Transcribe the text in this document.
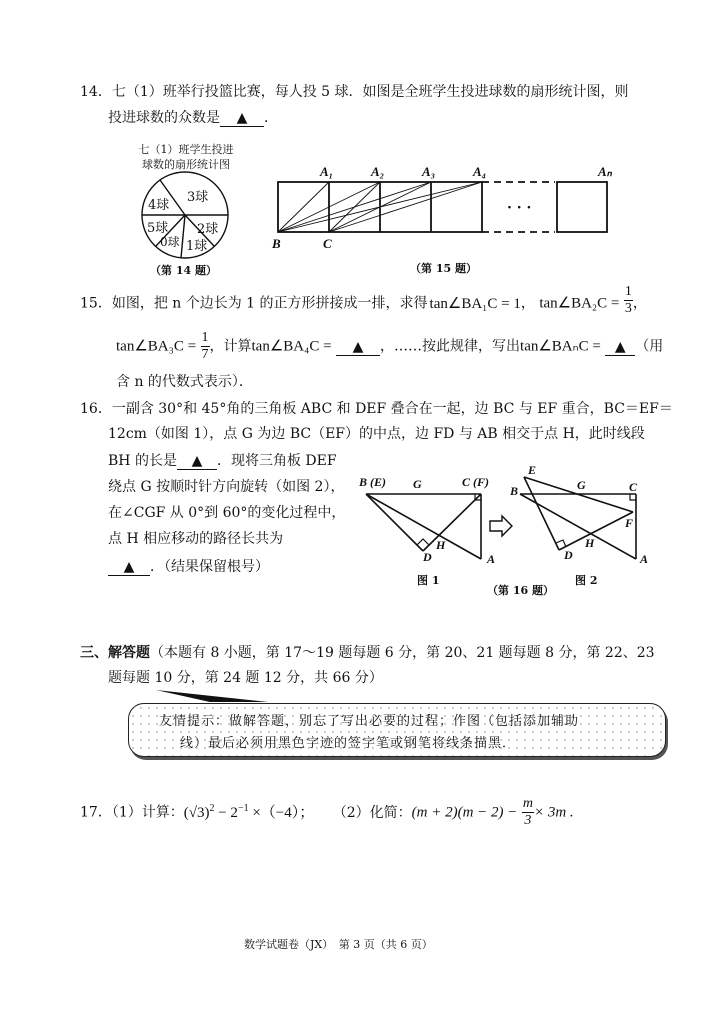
14．七（1）班举行投篮比赛，每人投 5 球．如图是全班学生投进球数的扇形统计图，则
投进球数的众数是 ▲ ．
七（1）班学生投进
球数的扇形统计图
3球
2球
1球
0球
5球
4球
（第 14 题）
A₁	A₂	A₃	A₄	Aₙ
B	C
· · ·
（第 15 题）
15．如图，把 n 个边长为 1 的正方形拼接成一排，求得 tan∠BA₁C = 1， tan∠BA₂C = $\frac{1}{3}$ ，
tan∠BA₃C = $\frac{1}{7}$ ，计算tan∠BA₄C = ▲ ，……按此规律，写出tan∠BAₙC = ▲ （用
含 n 的代数式表示）．
16．一副含 30°和 45°角的三角板 ABC 和 DEF 叠合在一起，边 BC 与 EF 重合，BC＝EF＝
12cm（如图 1），点 G 为边 BC（EF）的中点，边 FD 与 AB 相交于点 H，此时线段
BH 的长是 ▲ ．现将三角板 DEF
绕点 G 按顺时针方向旋转（如图 2），
在∠CGF 从 0°到 60°的变化过程中，
点 H 相应移动的路径长共为
▲ ．（结果保留根号）
B (E) G	C (F)
D
H
A
图 1
E
B	G	C
F
D
H
A
图 2
（第 16 题）
三、解答题（本题有 8 小题，第 17～19 题每题 6 分，第 20、21 题每题 8 分，第 22、23
题每题 10 分，第 24 题 12 分，共 66 分）
友情提示：做解答题，别忘了写出必要的过程；作图（包括添加辅助
线）最后必须用黑色字迹的签字笔或钢笔将线条描黑．
17．（1）计算：$(√3)^2 - 2^{-1} \times(-4)$； （2）化简：$(m + 2)(m - 2) - \frac{m}{3} \times 3m$ .
数学试题卷（JX）　第 3 页（共 6 页）
